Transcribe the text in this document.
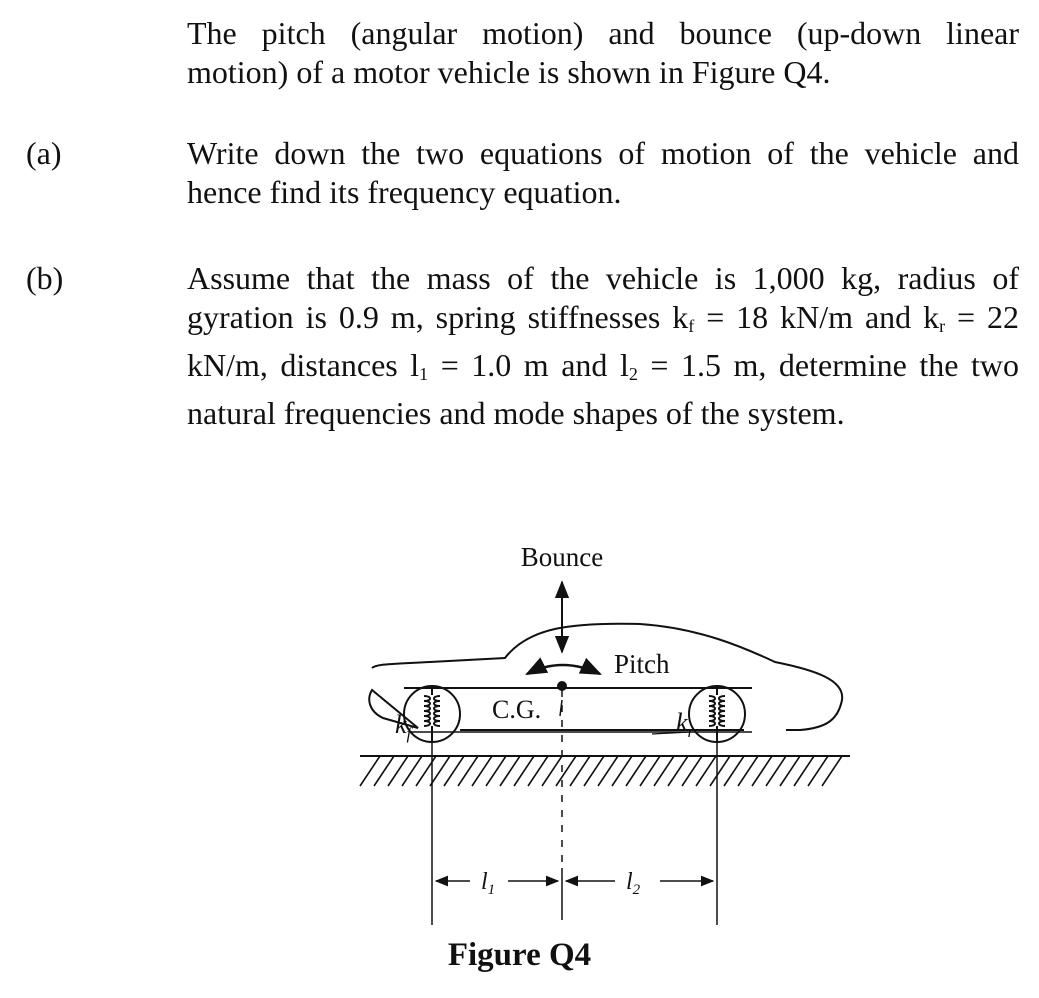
The pitch (angular motion) and bounce (up-down linear
motion) of a motor vehicle is shown in Figure Q4.
(a)	Write down the two equations of motion of the vehicle and
hence find its frequency equation.
(b)	Assume that the mass of the vehicle is 1,000 kg, radius of
gyration is 0.9 m, spring stiffnesses $k_f = 18$ kN/m and $k_r = 22$
kN/m, distances $l_1 = 1.0$ m and $l_2 = 1.5$ m, determine the two
natural frequencies and mode shapes of the system.
Bounce
Pitch
C.G.
$k_f$	$k_r$
$l_1$	$l_2$
Figure Q4
